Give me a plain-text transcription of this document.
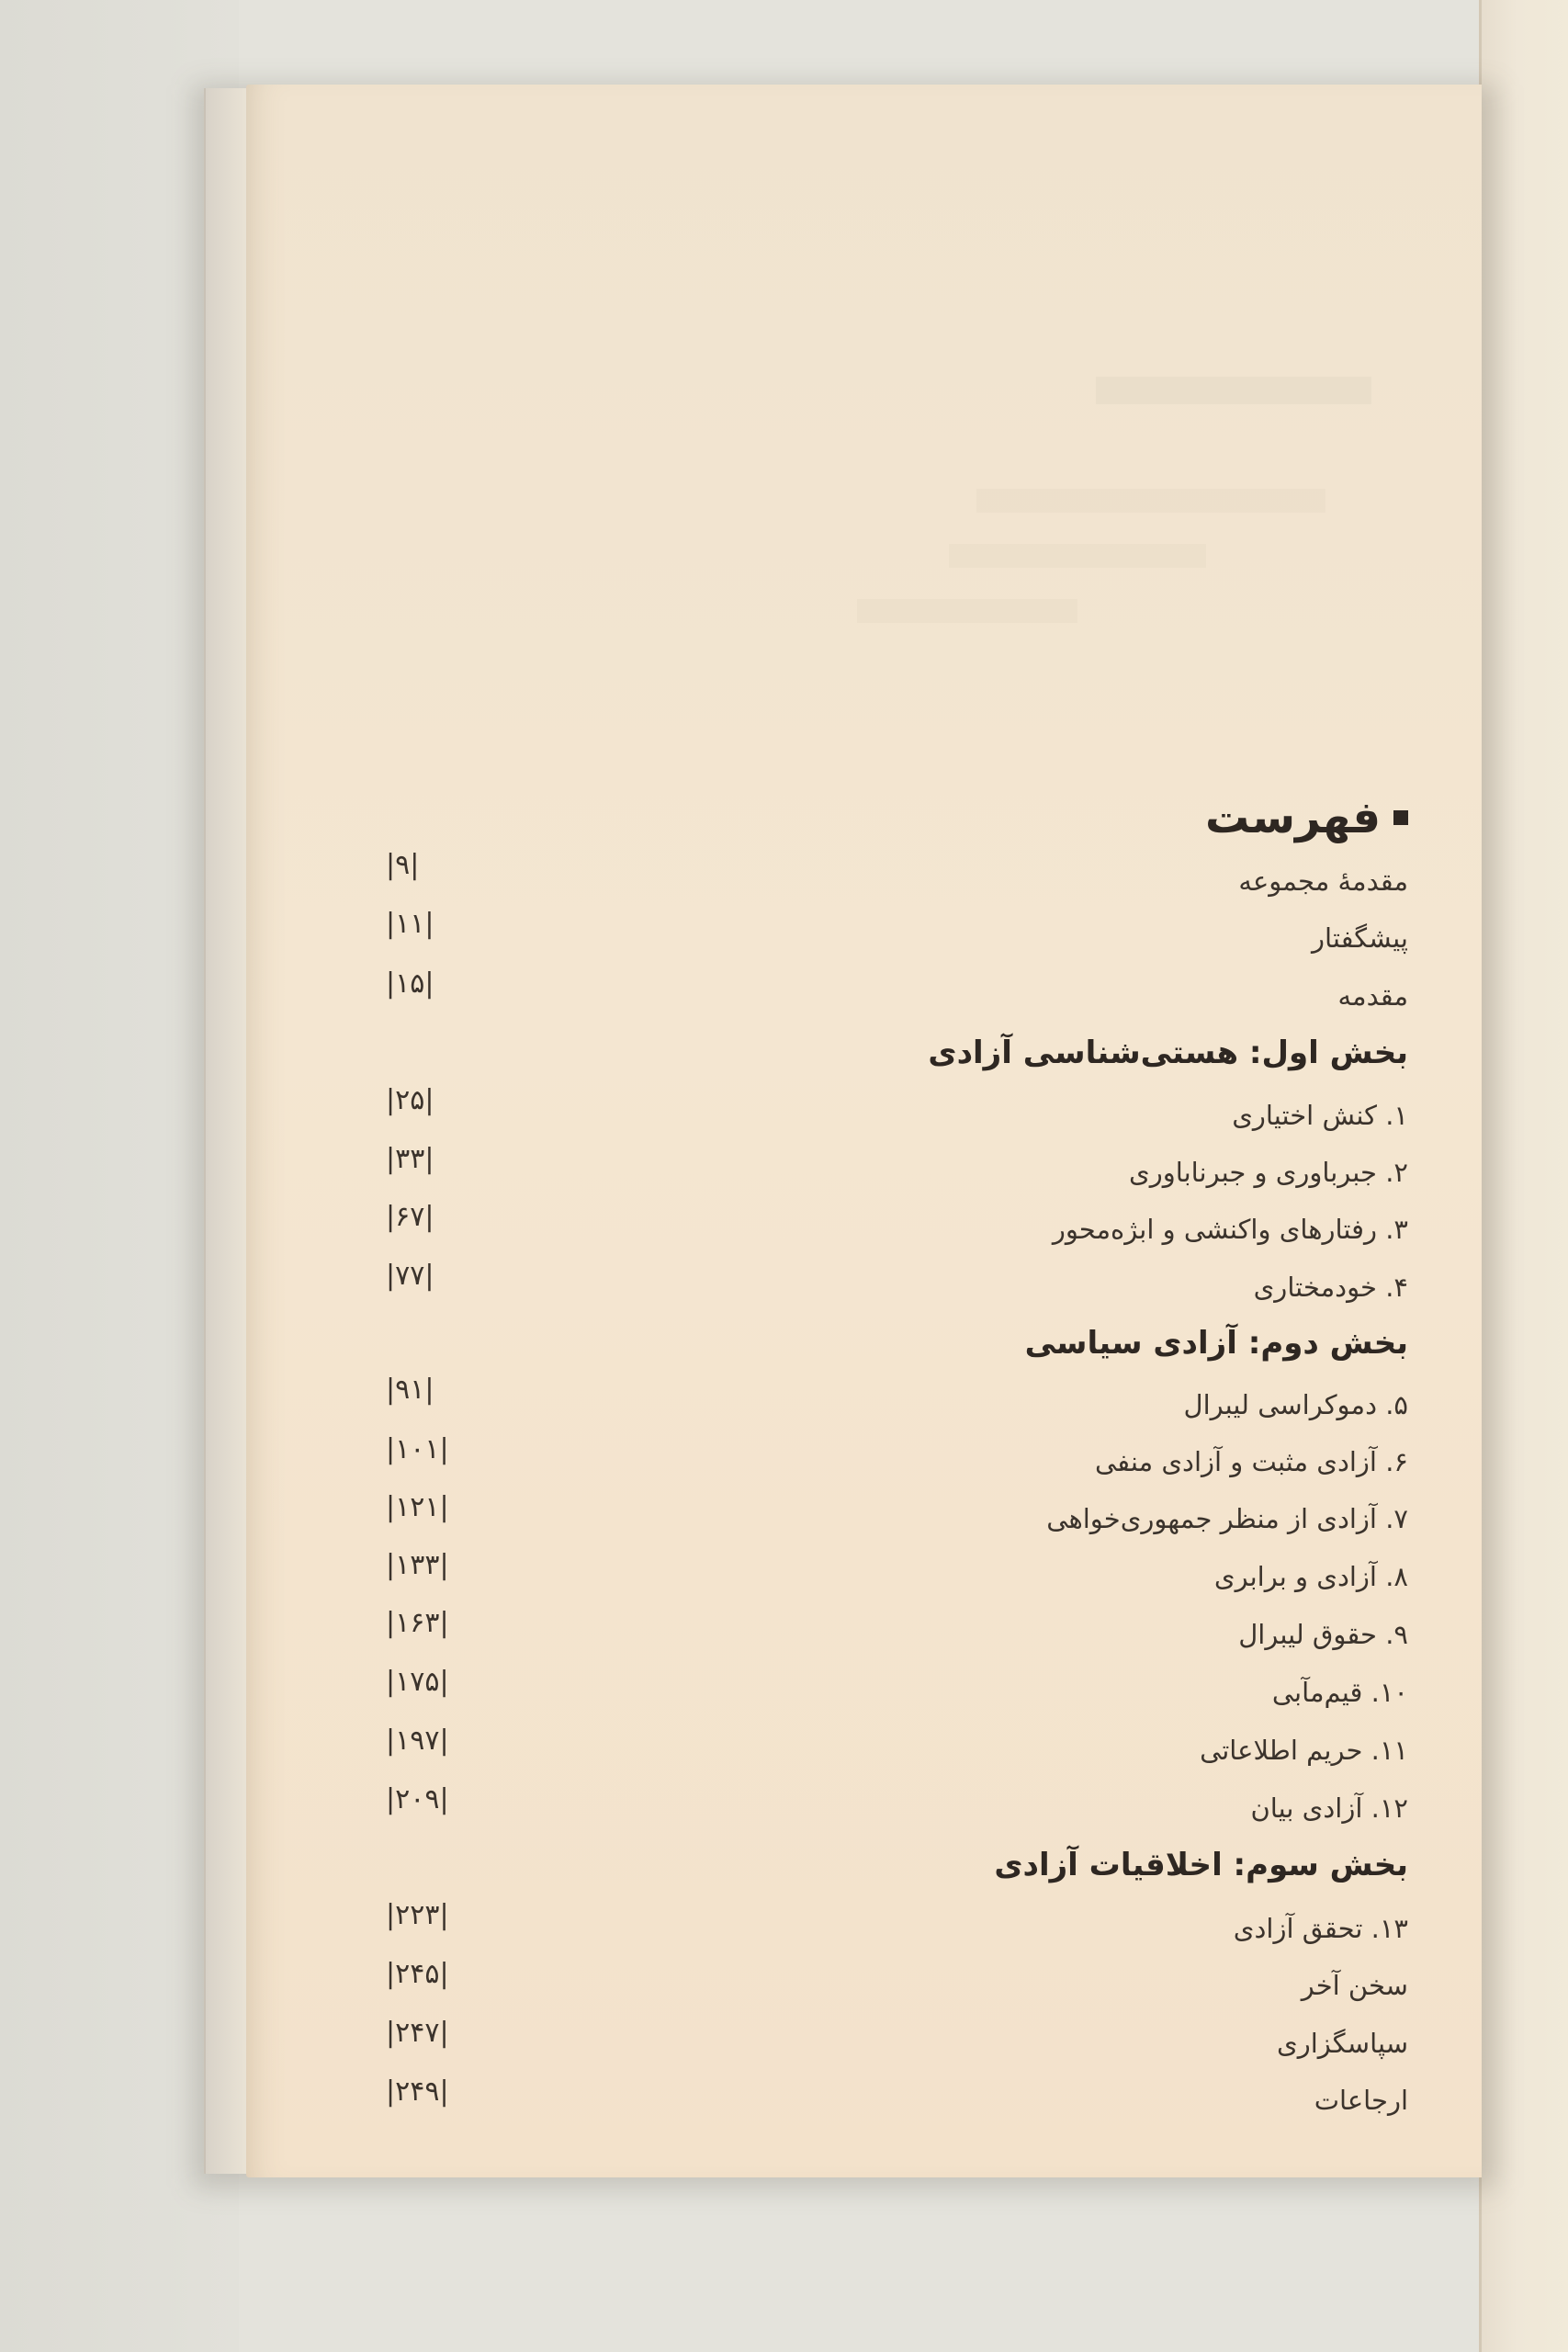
فهرست
مقدمهٔ مجموعه
|۹|
پیشگفتار
|۱۱|
مقدمه
|۱۵|
بخش اول: هستی‌شناسی آزادی
۱. کنش اختیاری
|۲۵|
۲. جبرباوری و جبرناباوری
|۳۳|
۳. رفتارهای واکنشی و ابژه‌محور
|۶۷|
۴. خودمختاری
|۷۷|
بخش دوم: آزادی سیاسی
۵. دموکراسی لیبرال
|۹۱|
۶. آزادی مثبت و آزادی منفی
|۱۰۱|
۷. آزادی از منظر جمهوری‌خواهی
|۱۲۱|
۸. آزادی و برابری
|۱۳۳|
۹. حقوق لیبرال
|۱۶۳|
۱۰. قیم‌مآبی
|۱۷۵|
۱۱. حریم اطلاعاتی
|۱۹۷|
۱۲. آزادی بیان
|۲۰۹|
بخش سوم: اخلاقیات آزادی
۱۳. تحقق آزادی
|۲۲۳|
سخن آخر
|۲۴۵|
سپاسگزاری
|۲۴۷|
ارجاعات
|۲۴۹|
